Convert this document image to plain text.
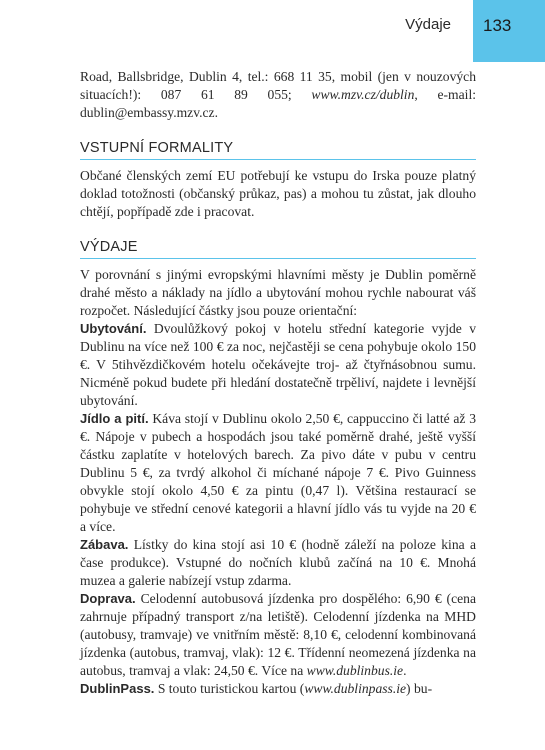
Výdaje	133

Road, Ballsbridge, Dublin 4, tel.: 668 11 35, mobil (jen v nouzových situacích!): 087 61 89 055; www.mzv.cz/dublin, e-mail: dublin@embassy.mzv.cz.

VSTUPNÍ FORMALITY

Občané členských zemí EU potřebují ke vstupu do Irska pouze platný doklad totožnosti (občanský průkaz, pas) a mohou tu zůstat, jak dlouho chtějí, popřípadě zde i pracovat.

VÝDAJE

V porovnání s jinými evropskými hlavními městy je Dublin poměrně drahé město a náklady na jídlo a ubytování mohou rychle nabourat váš rozpočet. Následující částky jsou pouze orientační:

Ubytování. Dvoulůžkový pokoj v hotelu střední kategorie vyjde v Dublinu na více než 100 € za noc, nejčastěji se cena pohybuje okolo 150 €. V 5tihvězdičkovém hotelu očekávejte troj- až čtyřnásobnou sumu. Nicméně pokud budete při hledání dostatečně trpěliví, najdete i levnější ubytování.

Jídlo a pití. Káva stojí v Dublinu okolo 2,50 €, cappuccino či latté až 3 €. Nápoje v pubech a hospodách jsou také poměrně drahé, ještě vyšší částku zaplatíte v hotelových barech. Za pivo dáte v pubu v centru Dublinu 5 €, za tvrdý alkohol či míchané nápoje 7 €. Pivo Guinness obvykle stojí okolo 4,50 € za pintu (0,47 l). Většina restaurací se pohybuje ve střední cenové kategorii a hlavní jídlo vás tu vyjde na 20 € a více.

Zábava. Lístky do kina stojí asi 10 € (hodně záleží na poloze kina a čase produkce). Vstupné do nočních klubů začíná na 10 €. Mnohá muzea a galerie nabízejí vstup zdarma.

Doprava. Celodenní autobusová jízdenka pro dospělého: 6,90 € (cena zahrnuje případný transport z/na letiště). Celodenní jízdenka na MHD (autobusy, tramvaje) ve vnitřním městě: 8,10 €, celodenní kombinovaná jízdenka (autobus, tramvaj, vlak): 12 €. Třídenní neomezená jízdenka na autobus, tramvaj a vlak: 24,50 €. Více na www.dublinbus.ie.

DublinPass. S touto turistickou kartou (www.dublinpass.ie) bu-
